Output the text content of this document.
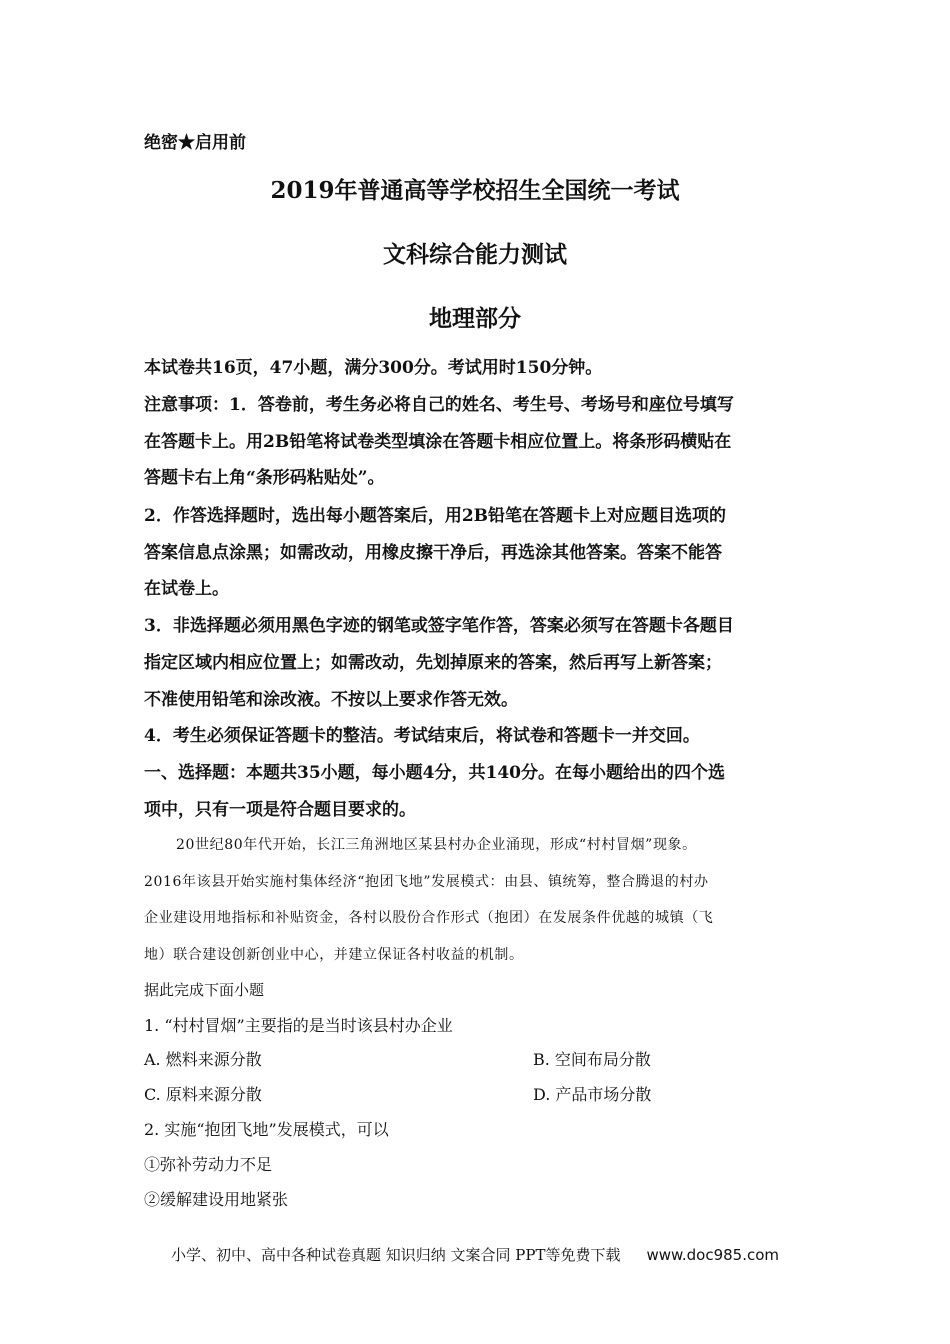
绝密★启用前
2019年普通高等学校招生全国统一考试
文科综合能力测试
地理部分
本试卷共16页，47小题，满分300分。考试用时150分钟。
注意事项：1．答卷前，考生务必将自己的姓名、考生号、考场号和座位号填写
在答题卡上。用2B铅笔将试卷类型填涂在答题卡相应位置上。将条形码横贴在
答题卡右上角“条形码粘贴处”。
2．作答选择题时，选出每小题答案后，用2B铅笔在答题卡上对应题目选项的
答案信息点涂黑；如需改动，用橡皮擦干净后，再选涂其他答案。答案不能答
在试卷上。
3．非选择题必须用黑色字迹的钢笔或签字笔作答，答案必须写在答题卡各题目
指定区域内相应位置上；如需改动，先划掉原来的答案，然后再写上新答案；
不准使用铅笔和涂改液。不按以上要求作答无效。
4．考生必须保证答题卡的整洁。考试结束后，将试卷和答题卡一并交回。
一、选择题：本题共35小题，每小题4分，共140分。在每小题给出的四个选
项中，只有一项是符合题目要求的。
20世纪80年代开始，长江三角洲地区某县村办企业涌现，形成“村村冒烟”现象。
2016年该县开始实施村集体经济“抱团飞地”发展模式：由县、镇统筹，整合腾退的村办
企业建设用地指标和补贴资金，各村以股份合作形式（抱团）在发展条件优越的城镇（飞
地）联合建设创新创业中心，并建立保证各村收益的机制。
据此完成下面小题
1. “村村冒烟”主要指的是当时该县村办企业
A. 燃料来源分散	B. 空间布局分散
C. 原料来源分散	D. 产品市场分散
2. 实施“抱团飞地”发展模式，可以
①弥补劳动力不足
②缓解建设用地紧张
小学、初中、高中各种试卷真题 知识归纳 文案合同 PPT等免费下载 www.doc985.com
